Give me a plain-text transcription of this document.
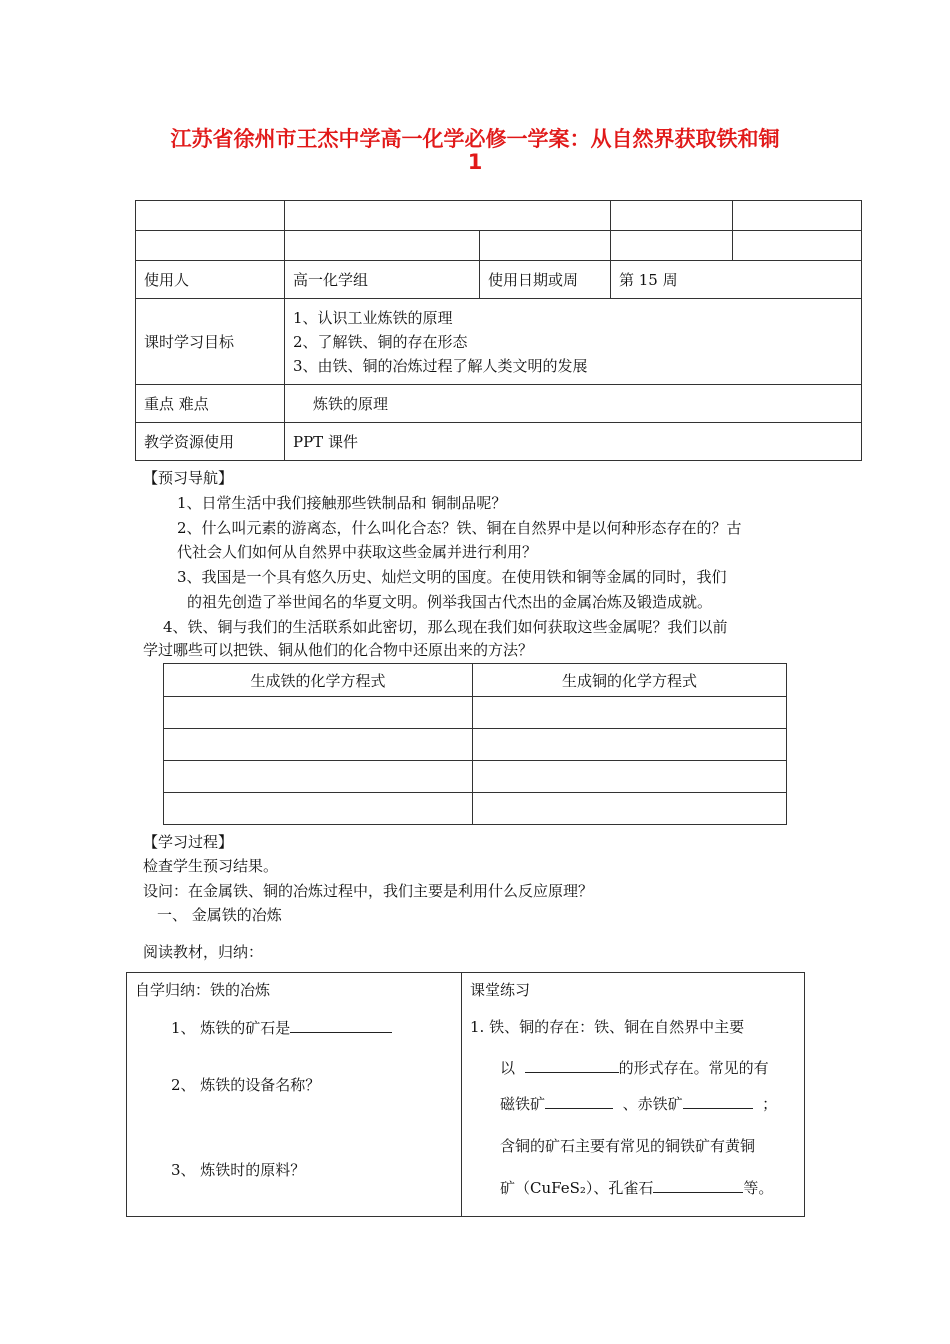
江苏省徐州市王杰中学高一化学必修一学案：从自然界获取铁和铜
1

使用人	高一化学组	使用日期或周	第 15 周	
课时学习目标	1、认识工业炼铁的原理
2、了解铁、铜的存在形态
3、由铁、铜的冶炼过程了解人类文明的发展			

重点 难点	炼铁的原理			
教学资源使用	PPT 课件			
【预习导航】
1、日常生活中我们接触那些铁制品和 铜制品呢？
2、什么叫元素的游离态，什么叫化合态？铁、铜在自然界中是以何种形态存在的？古
代社会人们如何从自然界中获取这些金属并进行利用？
3、我国是一个具有悠久历史、灿烂文明的国度。在使用铁和铜等金属的同时，我们
的祖先创造了举世闻名的华夏文明。例举我国古代杰出的金属冶炼及锻造成就。
4、铁、铜与我们的生活联系如此密切，那么现在我们如何获取这些金属呢？我们以前
学过哪些可以把铁、铜从他们的化合物中还原出来的方法？
生成铁的化学方程式	生成铜的化学方程式

【学习过程】
检查学生预习结果。
设问：在金属铁、铜的冶炼过程中，我们主要是利用什么反应原理？
一、 金属铁的冶炼
阅读教材，归纳：
自学归纳：铁的冶炼
1、 炼铁的矿石是
2、 炼铁的设备名称？
3、 炼铁时的原料？

课堂练习
1. 铁、铜的存在：铁、铜在自然界中主要
以	的形式存在。常见的有
磁铁矿	、赤铁矿	；
含铜的矿石主要有常见的铜铁矿有黄铜
矿（CuFeS₂）、孔雀石	等。
